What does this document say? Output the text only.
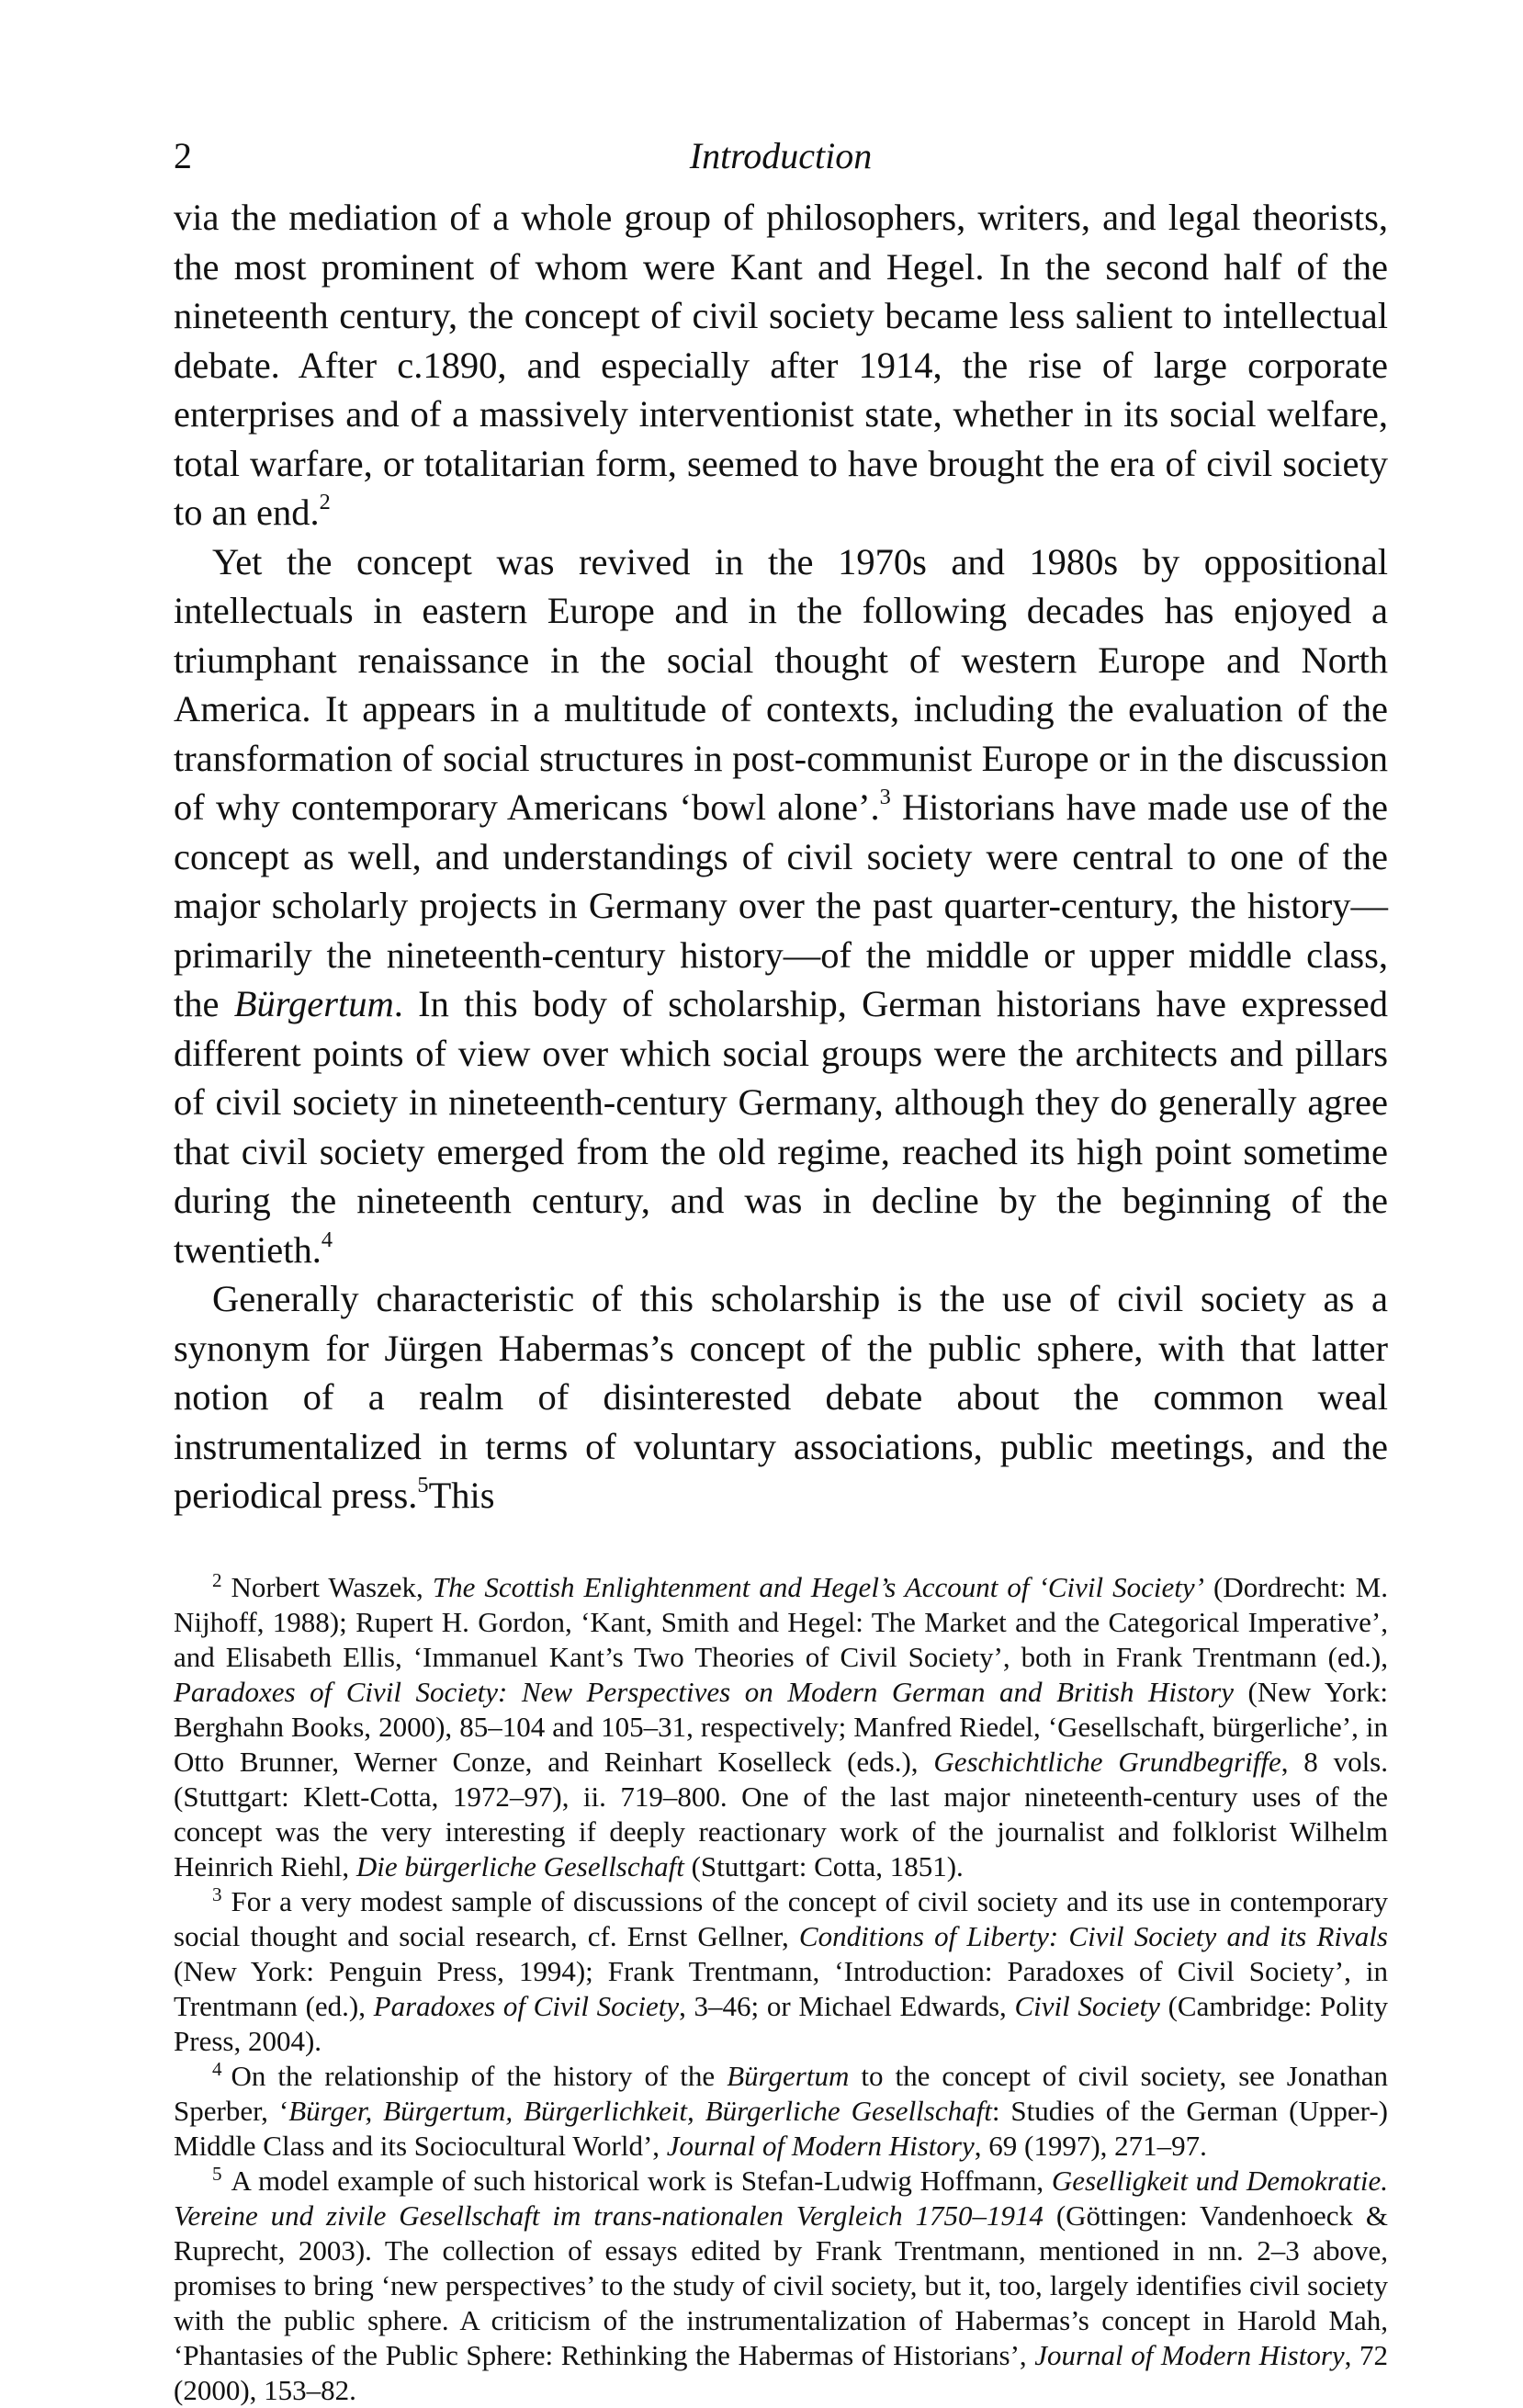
2	Introduction

via the mediation of a whole group of philosophers, writers, and legal theorists, the most prominent of whom were Kant and Hegel. In the second half of the nineteenth century, the concept of civil society became less salient to intellectual debate. After c.1890, and especially after 1914, the rise of large corporate enterprises and of a massively interventionist state, whether in its social welfare, total warfare, or totalitarian form, seemed to have brought the era of civil society to an end.$^2$

Yet the concept was revived in the 1970s and 1980s by oppositional intellectuals in eastern Europe and in the following decades has enjoyed a triumphant renaissance in the social thought of western Europe and North America. It appears in a multitude of contexts, including the evaluation of the transformation of social structures in post-communist Europe or in the discussion of why contemporary Americans ‘bowl alone’.$^3$ Historians have made use of the concept as well, and understandings of civil society were central to one of the major scholarly projects in Germany over the past quarter-century, the history—primarily the nineteenth-century history—of the middle or upper middle class, the Bürgertum. In this body of scholarship, German historians have expressed different points of view over which social groups were the architects and pillars of civil society in nineteenth-century Germany, although they do generally agree that civil society emerged from the old regime, reached its high point sometime during the nineteenth century, and was in decline by the beginning of the twentieth.$^4$

Generally characteristic of this scholarship is the use of civil society as a synonym for Jürgen Habermas’s concept of the public sphere, with that latter notion of a realm of disinterested debate about the common weal instrumentalized in terms of voluntary associations, public meetings, and the periodical press.$^5$This

$^2$ Norbert Waszek, The Scottish Enlightenment and Hegel’s Account of ‘Civil Society’ (Dordrecht: M. Nijhoff, 1988); Rupert H. Gordon, ‘Kant, Smith and Hegel: The Market and the Categorical Imperative’, and Elisabeth Ellis, ‘Immanuel Kant’s Two Theories of Civil Society’, both in Frank Trentmann (ed.), Paradoxes of Civil Society: New Perspectives on Modern German and British History (New York: Berghahn Books, 2000), 85–104 and 105–31, respectively; Manfred Riedel, ‘Gesellschaft, bürgerliche’, in Otto Brunner, Werner Conze, and Reinhart Koselleck (eds.), Geschichtliche Grundbegriffe, 8 vols. (Stuttgart: Klett-Cotta, 1972–97), ii. 719–800. One of the last major nineteenth-century uses of the concept was the very interesting if deeply reactionary work of the journalist and folklorist Wilhelm Heinrich Riehl, Die bürgerliche Gesellschaft (Stuttgart: Cotta, 1851).

$^3$ For a very modest sample of discussions of the concept of civil society and its use in contemporary social thought and social research, cf. Ernst Gellner, Conditions of Liberty: Civil Society and its Rivals (New York: Penguin Press, 1994); Frank Trentmann, ‘Introduction: Paradoxes of Civil Society’, in Trentmann (ed.), Paradoxes of Civil Society, 3–46; or Michael Edwards, Civil Society (Cambridge: Polity Press, 2004).

$^4$ On the relationship of the history of the Bürgertum to the concept of civil society, see Jonathan Sperber, ‘Bürger, Bürgertum, Bürgerlichkeit, Bürgerliche Gesellschaft: Studies of the German (Upper-) Middle Class and its Sociocultural World’, Journal of Modern History, 69 (1997), 271–97.

$^5$ A model example of such historical work is Stefan-Ludwig Hoffmann, Geselligkeit und Demokratie. Vereine und zivile Gesellschaft im trans-nationalen Vergleich 1750–1914 (Göttingen: Vandenhoeck & Ruprecht, 2003). The collection of essays edited by Frank Trentmann, mentioned in nn. 2–3 above, promises to bring ‘new perspectives’ to the study of civil society, but it, too, largely identifies civil society with the public sphere. A criticism of the instrumentalization of Habermas’s concept in Harold Mah, ‘Phantasies of the Public Sphere: Rethinking the Habermas of Historians’, Journal of Modern History, 72 (2000), 153–82.
